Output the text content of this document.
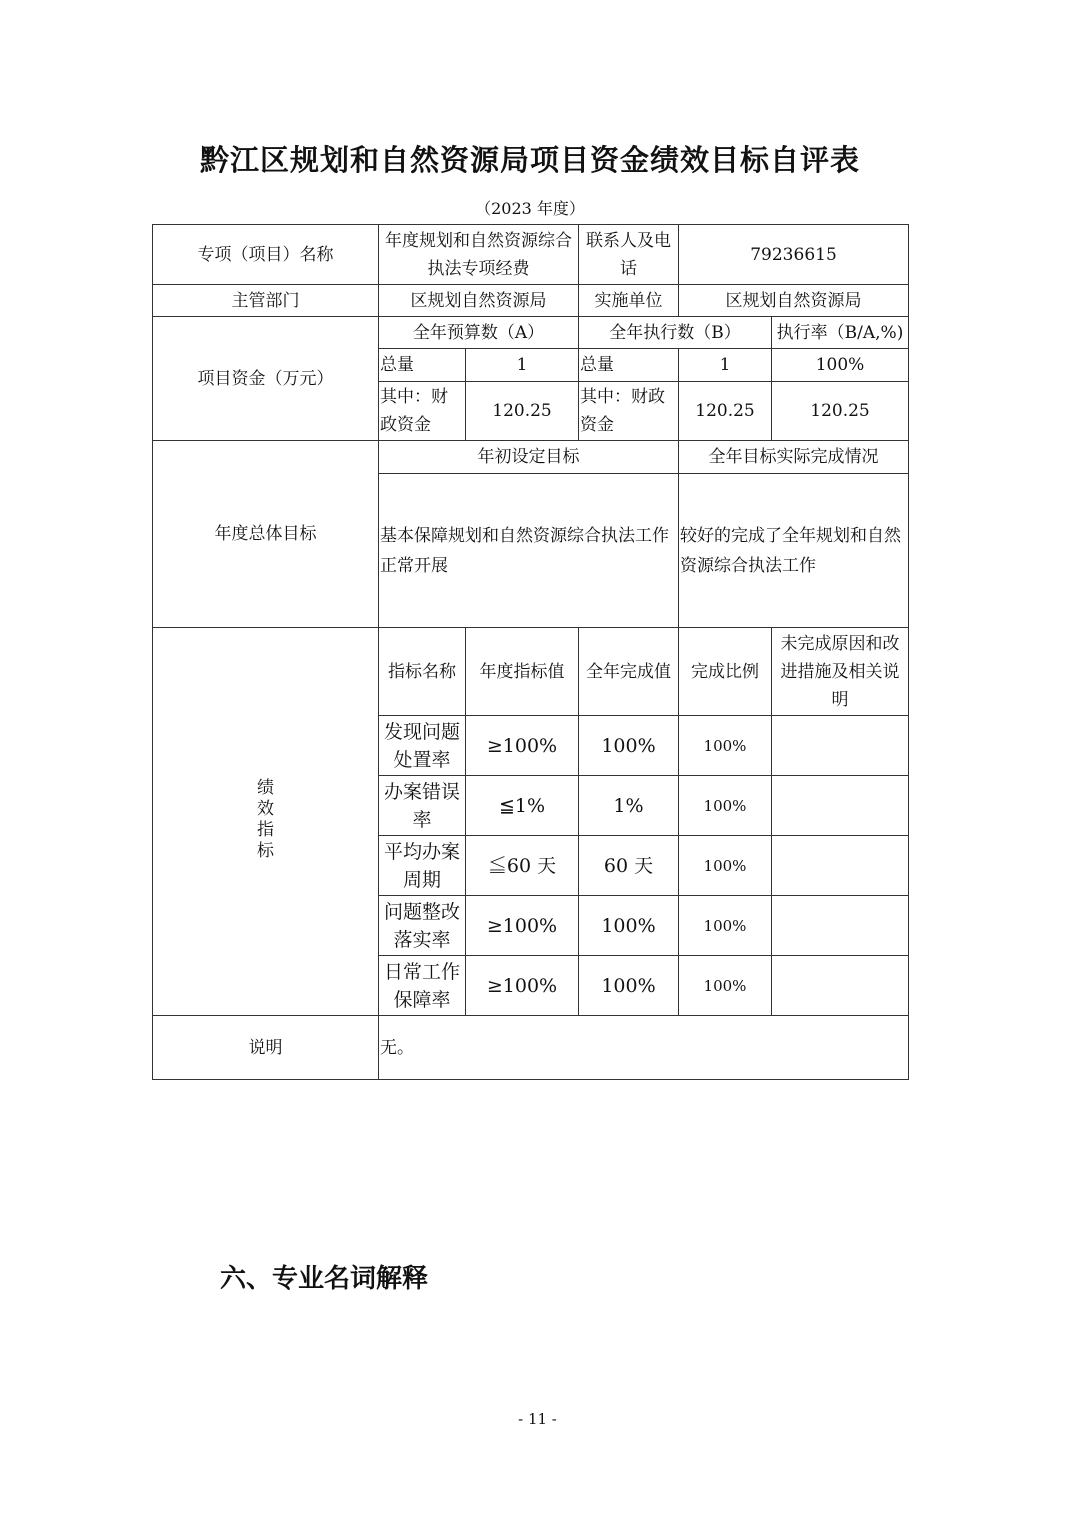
黔江区规划和自然资源局项目资金绩效目标自评表
（2023 年度）
专项（项目）名称	年度规划和自然资源综合执法专项经费		联系人及电话	79236615	
主管部门	区规划自然资源局		实施单位	区规划自然资源局	
项目资金（万元）	全年预算数（A）		全年执行数（B）		执行率（B/A,%)
	总量	1	总量	1	100%
	其中：财政资金	120.25	其中：财政资金	120.25	120.25
年度总体目标	年初设定目标			全年目标实际完成情况	
	基本保障规划和自然资源综合执法工作正常开展			较好的完成了全年规划和自然资源综合执法工作	
绩
效
指
标	指标名称	年度指标值	全年完成值	完成比例	未完成原因和改进措施及相关说明
	发现问题处置率	≥100%	100%	100%	
	办案错误率	≦1%	1%	100%	
	平均办案周期	≦60 天	60 天	100%	
	问题整改落实率	≥100%	100%	100%	
	日常工作保障率	≥100%	100%	100%	
说明	无。				
六、专业名词解释
- 11 -
